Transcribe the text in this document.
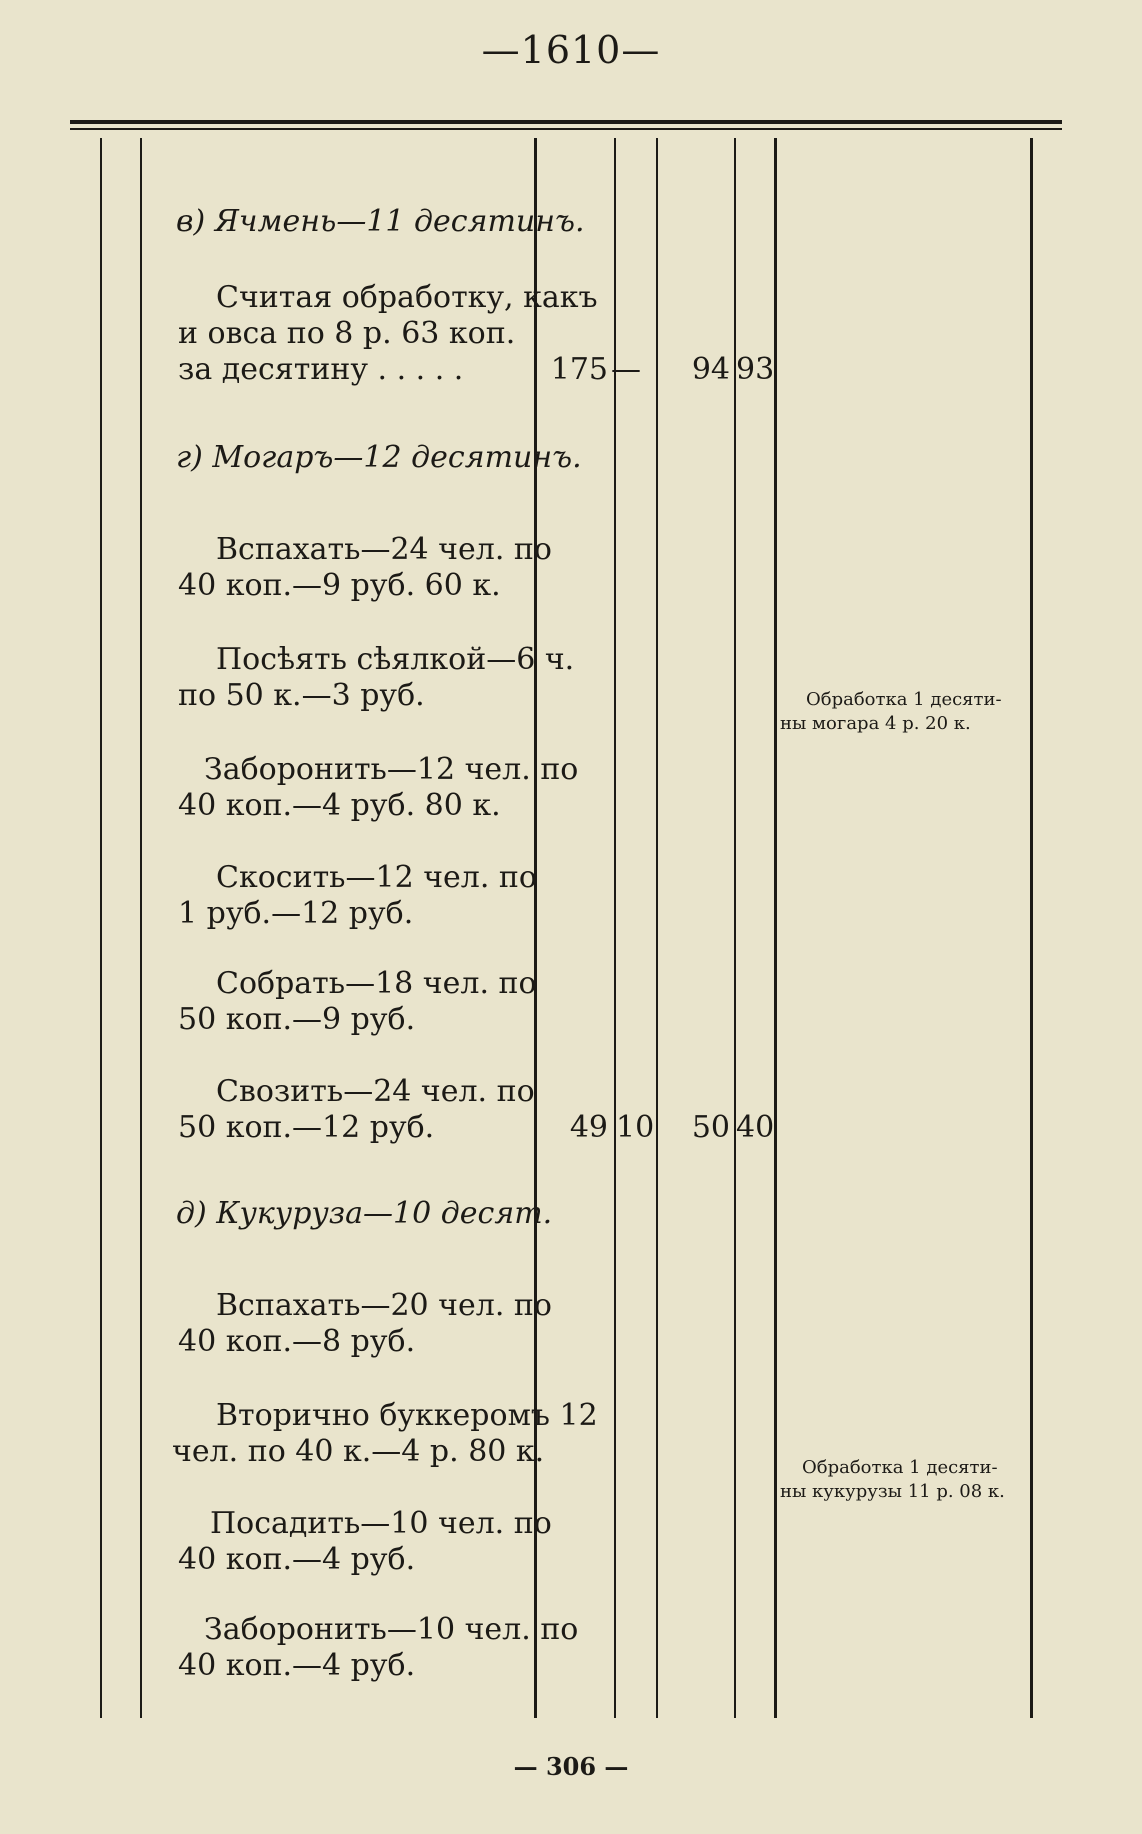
—1610—
в) Ячмень—11 десятинъ.
Считая обработку, какъ
и овса по 8 р. 63 коп.
за десятину . . . . .
г) Могаръ—12 десятинъ.
Вспахать—24 чел. по
40 коп.—9 руб. 60 к.
Посѣять сѣялкой—6 ч.
по 50 к.—3 руб.
Заборонить—12 чел. по
40 коп.—4 руб. 80 к.
Скосить—12 чел. по
1 руб.—12 руб.
Собрать—18 чел. по
50 коп.—9 руб.
Свозить—24 чел. по
50 коп.—12 руб.
д) Кукуруза—10 десят.
Вспахать—20 чел. по
40 коп.—8 руб.
Вторично буккеромъ 12
чел. по 40 к.—4 р. 80 к.
Посадить—10 чел. по
40 коп.—4 руб.
Заборонить—10 чел. по
40 коп.—4 руб.
175 —	94 93
49 10	50 40
Обработка 1 десяти-
ны могара 4 р. 20 к.
Обработка 1 десяти-
ны кукурузы 11 р. 08 к.
— 306 —
